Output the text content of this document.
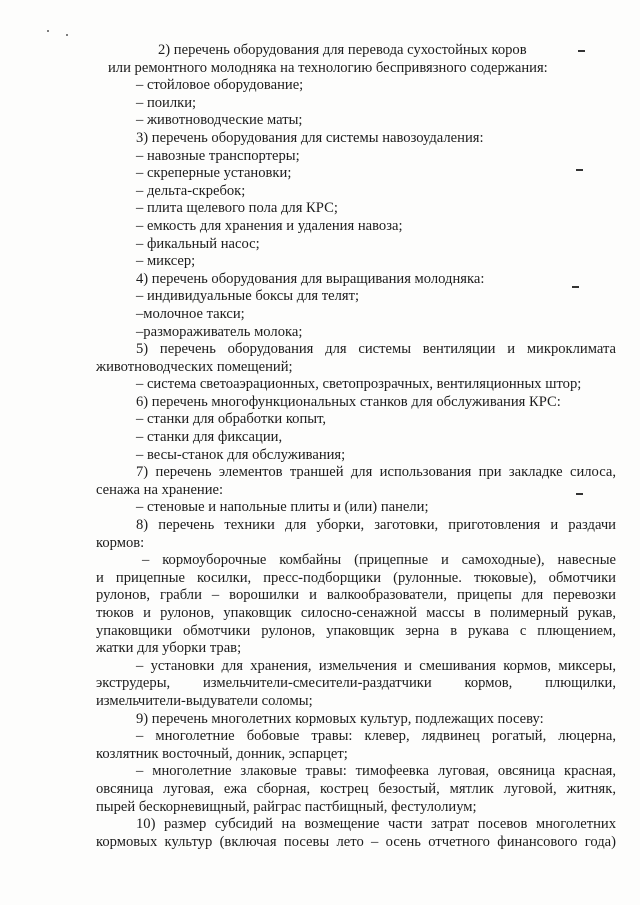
2) перечень оборудования для перевода сухостойных коров

или ремонтного молодняка на технологию беспривязного содержания:

– стойловое оборудование;

– поилки;

– животноводческие маты;

3) перечень оборудования для системы навозоудаления:

– навозные транспортеры;

– скреперные установки;

– дельта-скребок;

– плита щелевого пола для КРС;

– емкость для хранения и удаления навоза;

– фикальный насос;

– миксер;

4) перечень оборудования для выращивания молодняка:

– индивидуальные боксы для телят;

–молочное такси;

–размораживатель молока;

5) перечень оборудования для системы вентиляции и микроклимата

животноводческих помещений;

– система светоаэрационных, светопрозрачных, вентиляционных штор;

6) перечень многофункциональных станков для обслуживания КРС:

– станки для обработки копыт,

– станки для фиксации,

– весы-станок для обслуживания;

7) перечень элементов траншей для использования при закладке силоса,

сенажа на хранение:

– стеновые и напольные плиты и (или) панели;

8) перечень техники для уборки, заготовки, приготовления и раздачи

кормов:

– кормоуборочные комбайны (прицепные и самоходные), навесные

и прицепные косилки, пресс-подборщики (рулонные. тюковые), обмотчики

рулонов, грабли – ворошилки и валкообразователи, прицепы для перевозки

тюков и рулонов, упаковщик силосно-сенажной массы в полимерный рукав,

упаковщики обмотчики рулонов, упаковщик зерна в рукава с плющением,

жатки для уборки трав;

– установки для хранения, измельчения и смешивания кормов, миксеры,

экструдеры, измельчители-смесители-раздатчики кормов, плющилки,

измельчители-выдуватели соломы;

9) перечень многолетних кормовых культур, подлежащих посеву:

– многолетние бобовые травы: клевер, лядвинец рогатый, люцерна,

козлятник восточный, донник, эспарцет;

– многолетние злаковые травы: тимофеевка луговая, овсяница красная,

овсяница луговая, ежа сборная, кострец безостый, мятлик луговой, житняк,

пырей бескорневищный, райграс пастбищный, фестулолиум;

10) размер субсидий на возмещение части затрат посевов многолетних

кормовых культур (включая посевы лето – осень отчетного финансового года)
